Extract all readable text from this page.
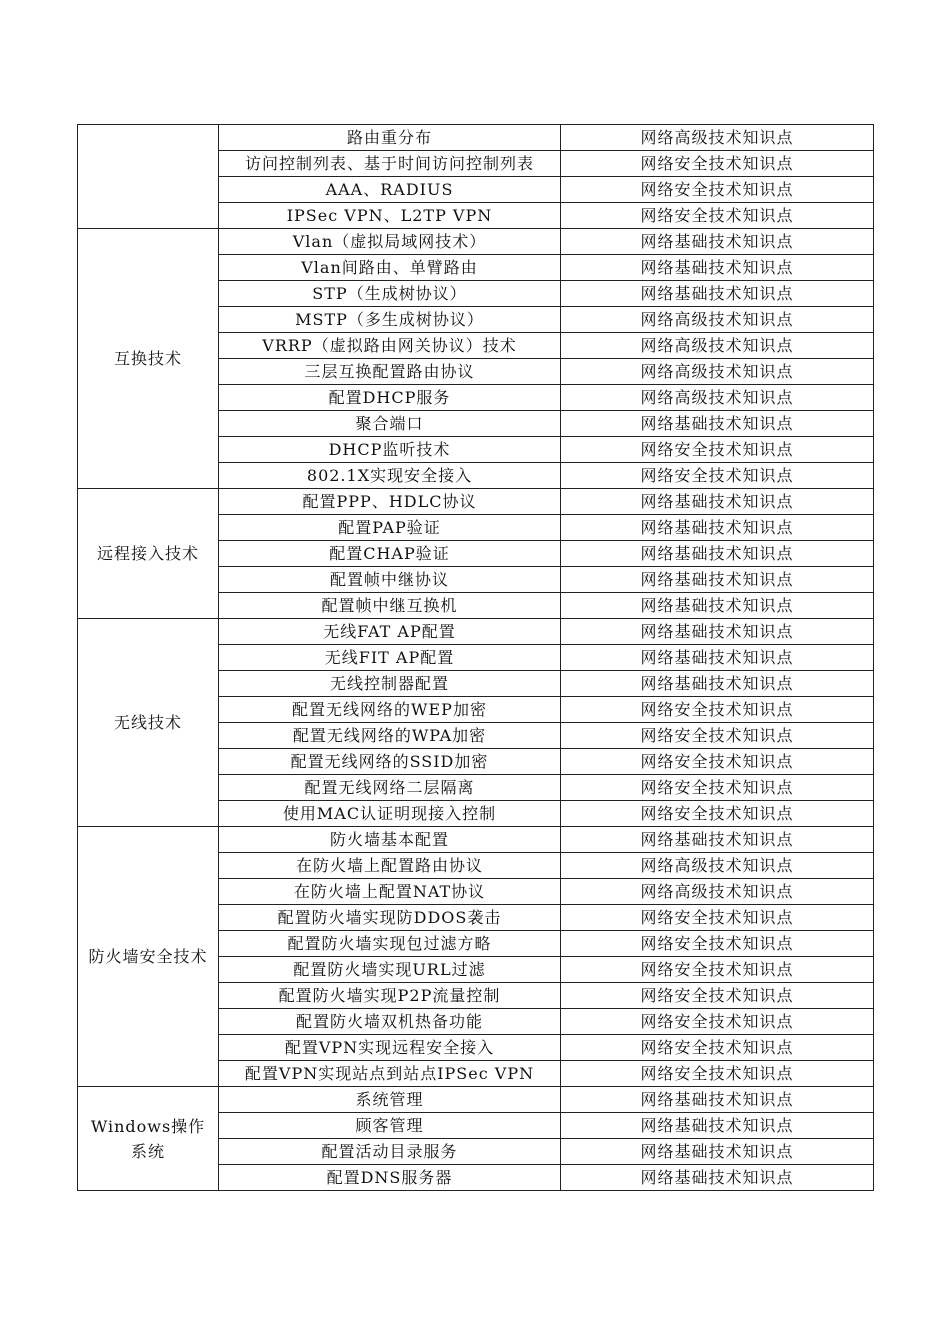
	路由重分布	网络高级技术知识点
	访问控制列表、基于时间访问控制列表	网络安全技术知识点
	AAA、RADIUS	网络安全技术知识点
	IPSec VPN、L2TP VPN	网络安全技术知识点
互换技术	Vlan（虚拟局域网技术）	网络基础技术知识点
	Vlan间路由、单臂路由	网络基础技术知识点
	STP（生成树协议）	网络基础技术知识点
	MSTP（多生成树协议）	网络高级技术知识点
	VRRP（虚拟路由网关协议）技术	网络高级技术知识点
	三层互换配置路由协议	网络高级技术知识点
	配置DHCP服务	网络高级技术知识点
	聚合端口	网络基础技术知识点
	DHCP监听技术	网络安全技术知识点
	802.1X实现安全接入	网络安全技术知识点
远程接入技术	配置PPP、HDLC协议	网络基础技术知识点
	配置PAP验证	网络基础技术知识点
	配置CHAP验证	网络基础技术知识点
	配置帧中继协议	网络基础技术知识点
	配置帧中继互换机	网络基础技术知识点
无线技术	无线FAT AP配置	网络基础技术知识点
	无线FIT AP配置	网络基础技术知识点
	无线控制器配置	网络基础技术知识点
	配置无线网络的WEP加密	网络安全技术知识点
	配置无线网络的WPA加密	网络安全技术知识点
	配置无线网络的SSID加密	网络安全技术知识点
	配置无线网络二层隔离	网络安全技术知识点
	使用MAC认证明现接入控制	网络安全技术知识点
防火墙安全技术	防火墙基本配置	网络基础技术知识点
	在防火墙上配置路由协议	网络高级技术知识点
	在防火墙上配置NAT协议	网络高级技术知识点
	配置防火墙实现防DDOS袭击	网络安全技术知识点
	配置防火墙实现包过滤方略	网络安全技术知识点
	配置防火墙实现URL过滤	网络安全技术知识点
	配置防火墙实现P2P流量控制	网络安全技术知识点
	配置防火墙双机热备功能	网络安全技术知识点
	配置VPN实现远程安全接入	网络安全技术知识点
	配置VPN实现站点到站点IPSec VPN	网络安全技术知识点
Windows操作系统	系统管理	网络基础技术知识点
	顾客管理	网络基础技术知识点
	配置活动目录服务	网络基础技术知识点
	配置DNS服务器	网络基础技术知识点
